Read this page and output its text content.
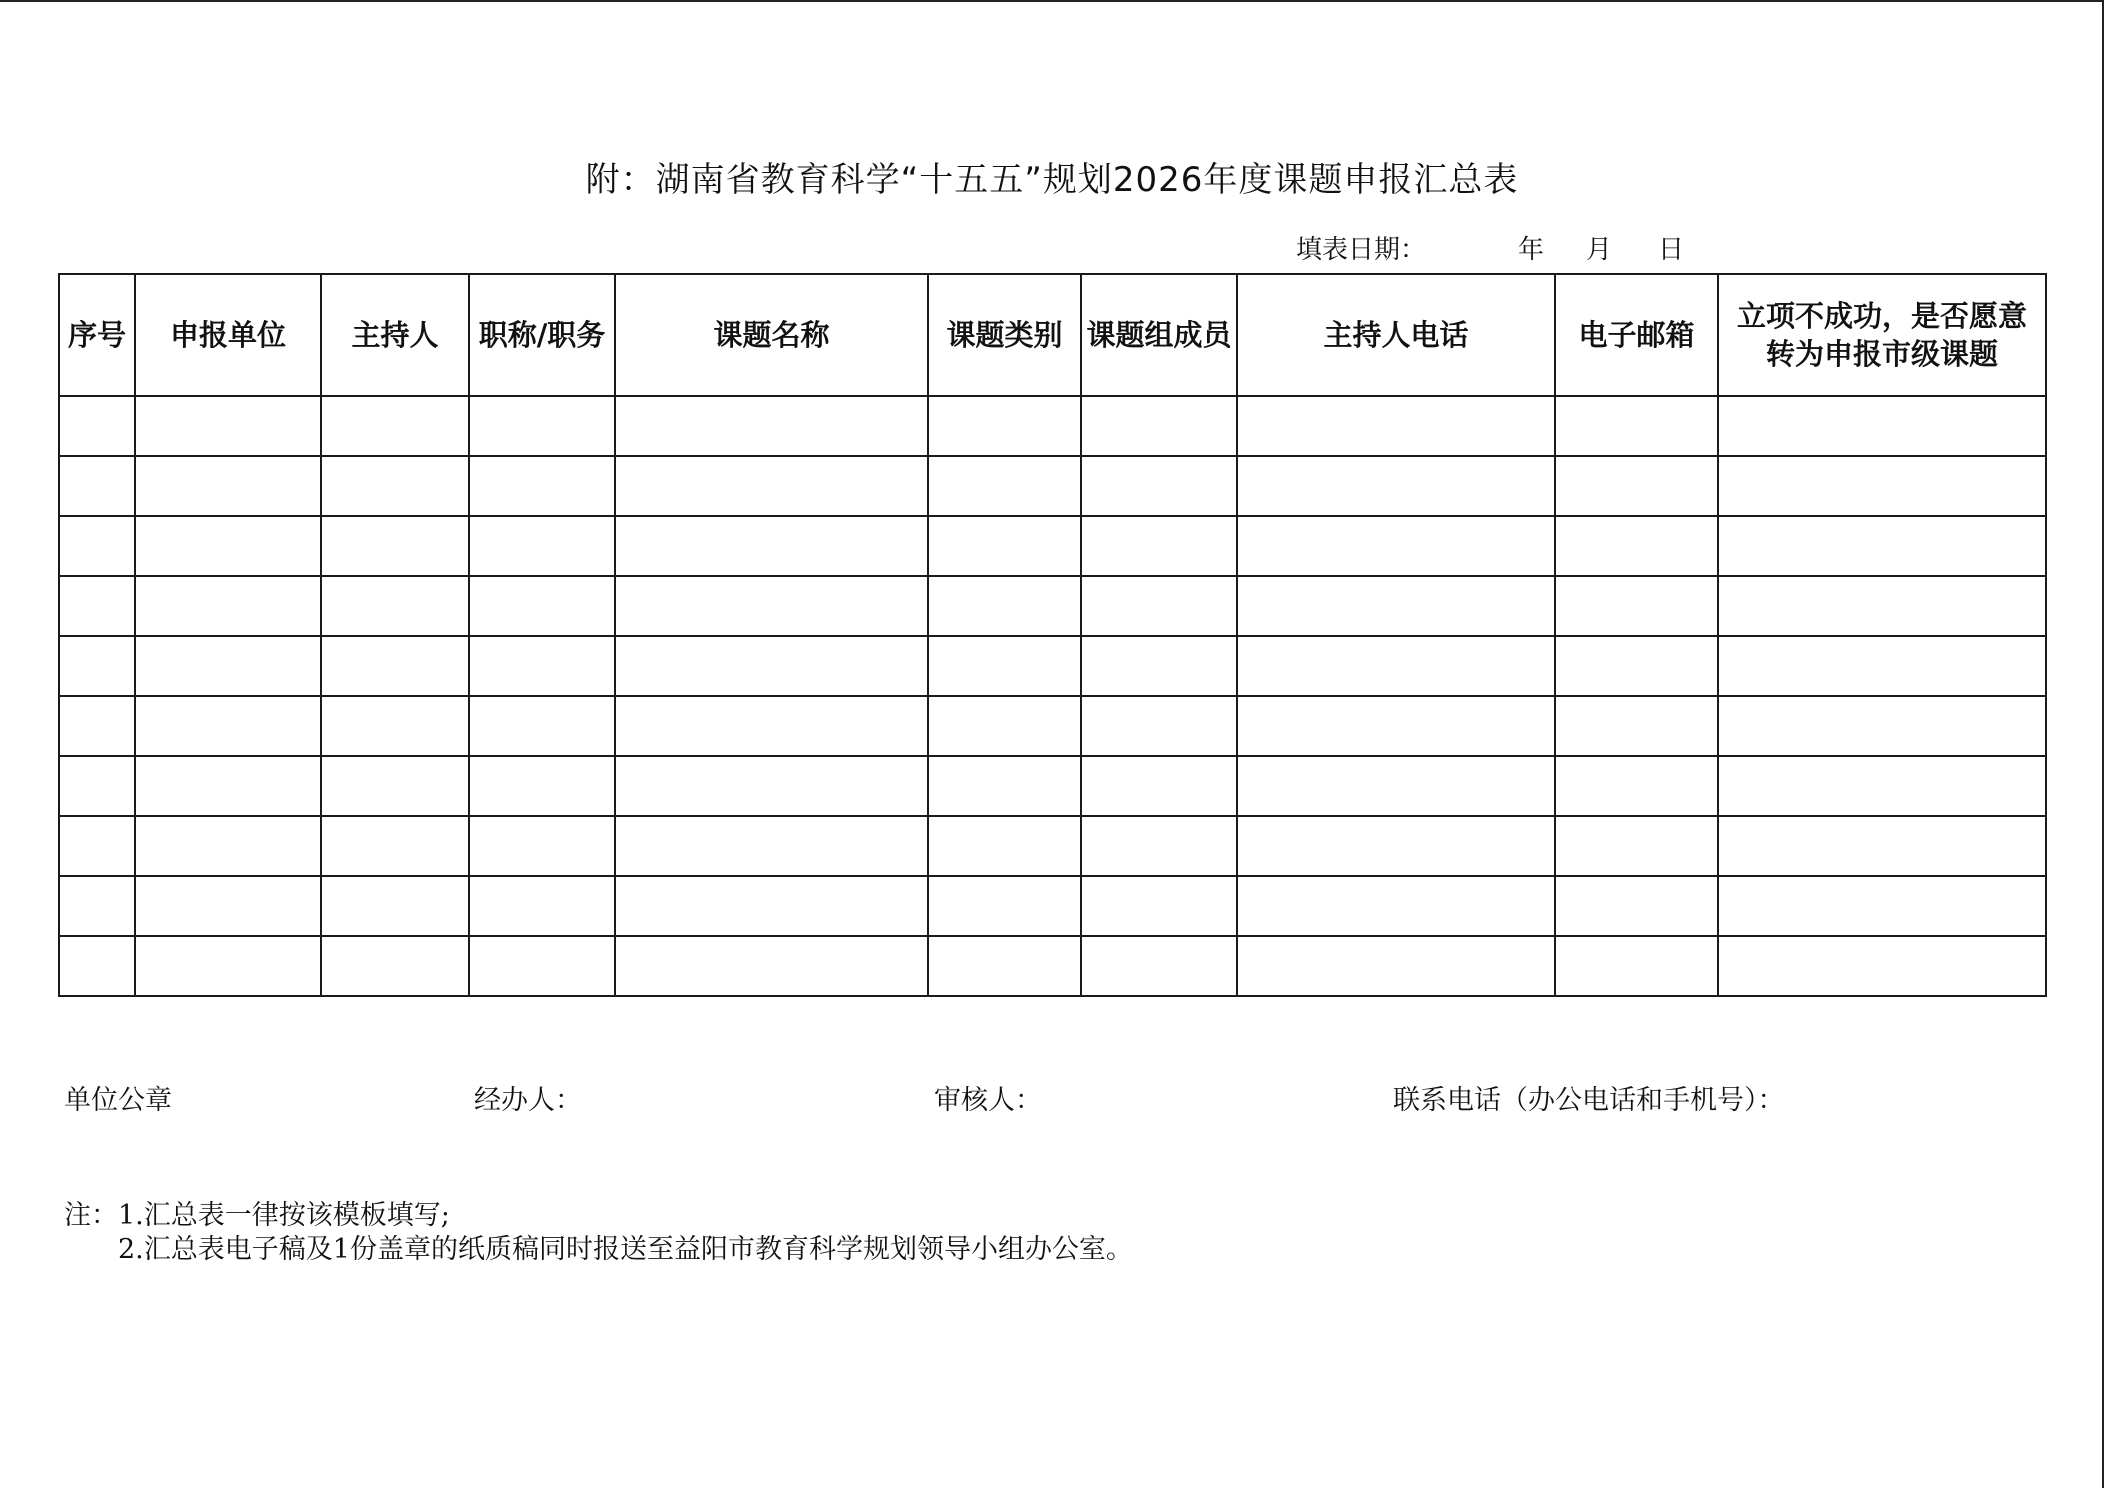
附：湖南省教育科学“十五五”规划2026年度课题申报汇总表
填表日期：	年 月 日
序号	申报单位	主持人	职称/职务	课题名称	课题类别	课题组成员	主持人电话	电子邮箱	立项不成功，是否愿意
转为申报市级课题

单位公章	经办人：	审核人：	联系电话（办公电话和手机号）：
注：1.汇总表一律按该模板填写;
2.汇总表电子稿及1份盖章的纸质稿同时报送至益阳市教育科学规划领导小组办公室。
